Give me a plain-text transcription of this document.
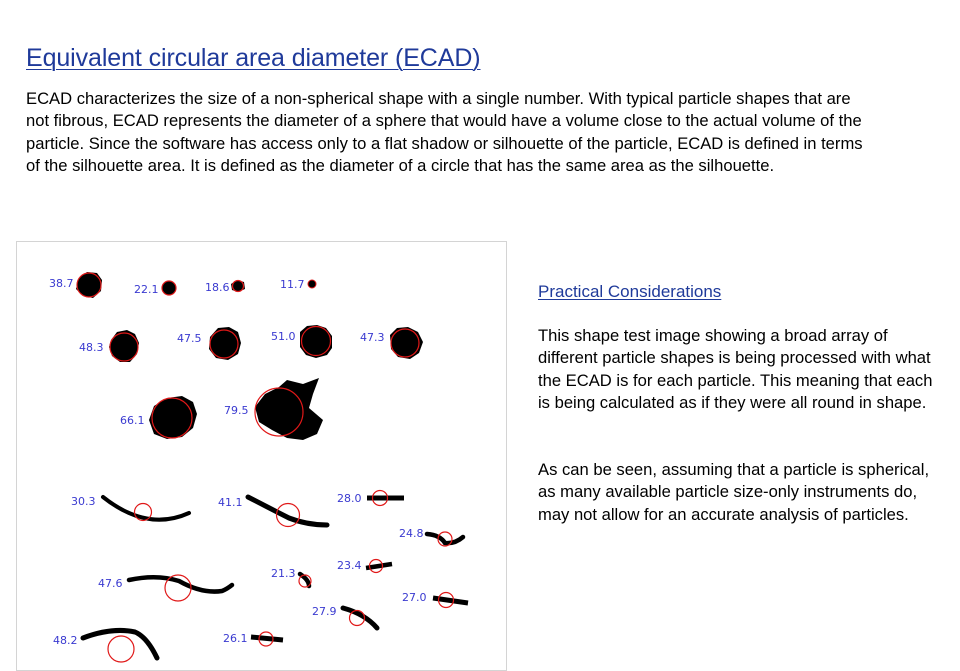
Equivalent circular area diameter (ECAD)

ECAD characterizes the size of a non-spherical shape with a single number. With typical particle shapes that are not fibrous, ECAD represents the diameter of a sphere that would have a volume close to the actual volume of the particle. Since the software has access only to a flat shadow or silhouette of the particle, ECAD is defined in terms of the silhouette area. It is defined as the diameter of a circle that has the same area as the silhouette.

38.7	22.1	18.6	11.7
48.3
47.5	51.0	47.3
66.1
79.5
30.3	41.1	28.0
24.8
23.4
21.3
47.6
27.0
27.9
48.2	26.1
Practical Considerations

This shape test image showing a broad array of different particle shapes is being processed with what the ECAD is for each particle. This meaning that each is being calculated as if they were all round in shape.

As can be seen, assuming that a particle is spherical, as many available particle size-only instruments do, may not allow for an accurate analysis of particles.
